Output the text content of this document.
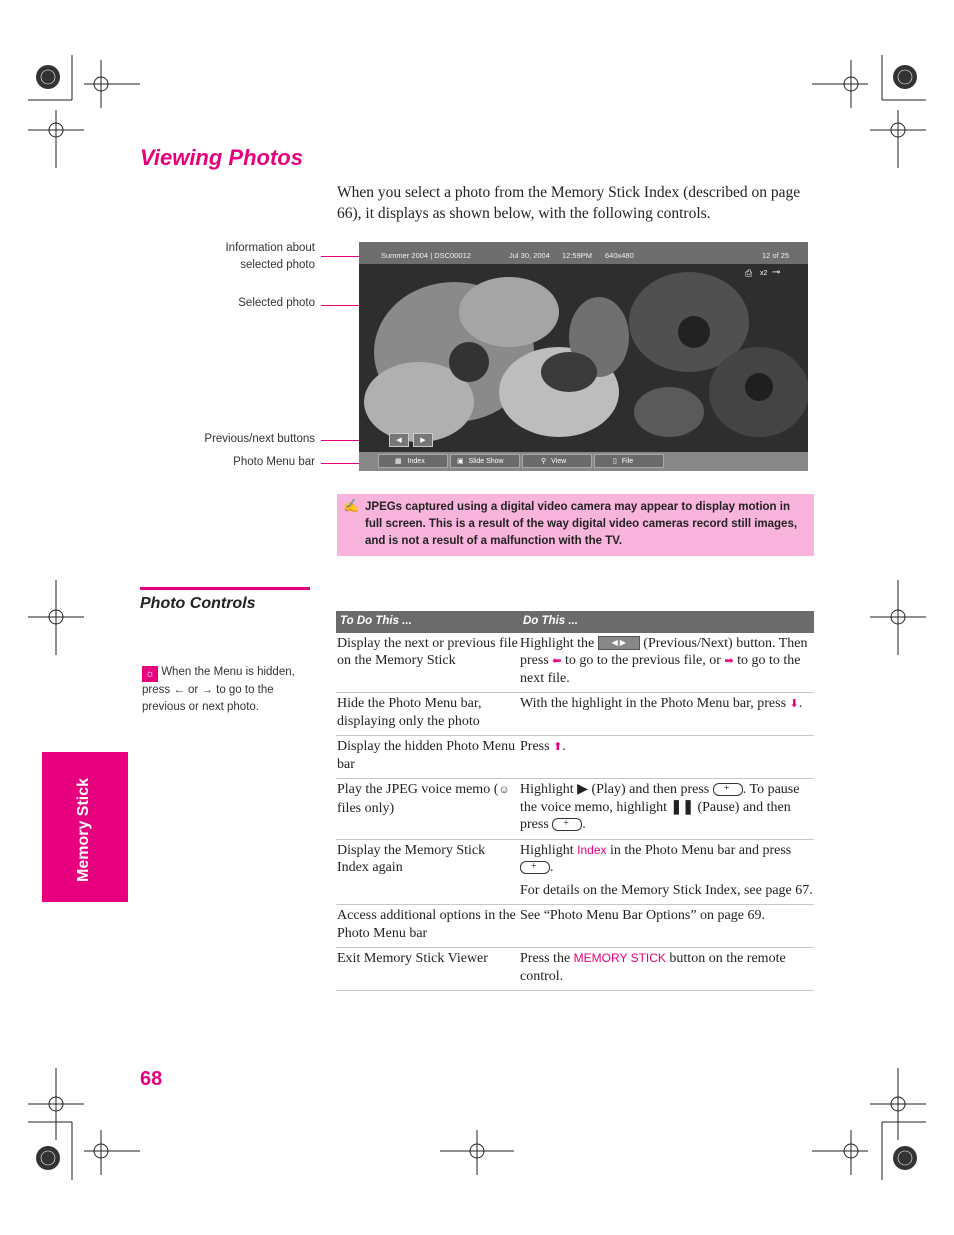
Viewing Photos
When you select a photo from the Memory Stick Index (described on page 66), it displays as shown below, with the following controls.
Information about
selected photo
Selected photo
Previous/next buttons
Photo Menu bar
Summer 2004 | DSC00012	Jul 30, 2004 12:59PM 640x480	12 of 25
⎙ x2 ⊸
◀	▶
▦ Index	▣ Slide Show	⚲ View	▯ File
✍ JPEGs captured using a digital video camera may appear to display motion in full screen. This is a result of the way digital video cameras record still images, and is not a result of a malfunction with the TV.
Photo Controls
☼ When the Menu is hidden, press ← or → to go to the previous or next photo.
Memory Stick
68
To Do This ...	Do This ...
Display the next or previous file on the Memory Stick	Highlight the ◀ ▶ (Previous/Next) button. Then press ⬅ to go to the previous file, or ➡ to go to the next file.
Hide the Photo Menu bar, displaying only the photo	With the highlight in the Photo Menu bar, press ⬇.
Display the hidden Photo Menu bar	Press ⬆.
Play the JPEG voice memo (☺ files only)	Highlight ▶ (Play) and then press + . To pause the voice memo, highlight ❚❚ (Pause) and then press + .
Display the Memory Stick Index again	Highlight Index in the Photo Menu bar and press +.
For details on the Memory Stick Index, see page 67.

Access additional options in the Photo Menu bar	See “Photo Menu Bar Options” on page 69.
Exit Memory Stick Viewer	Press the MEMORY STICK button on the remote control.
